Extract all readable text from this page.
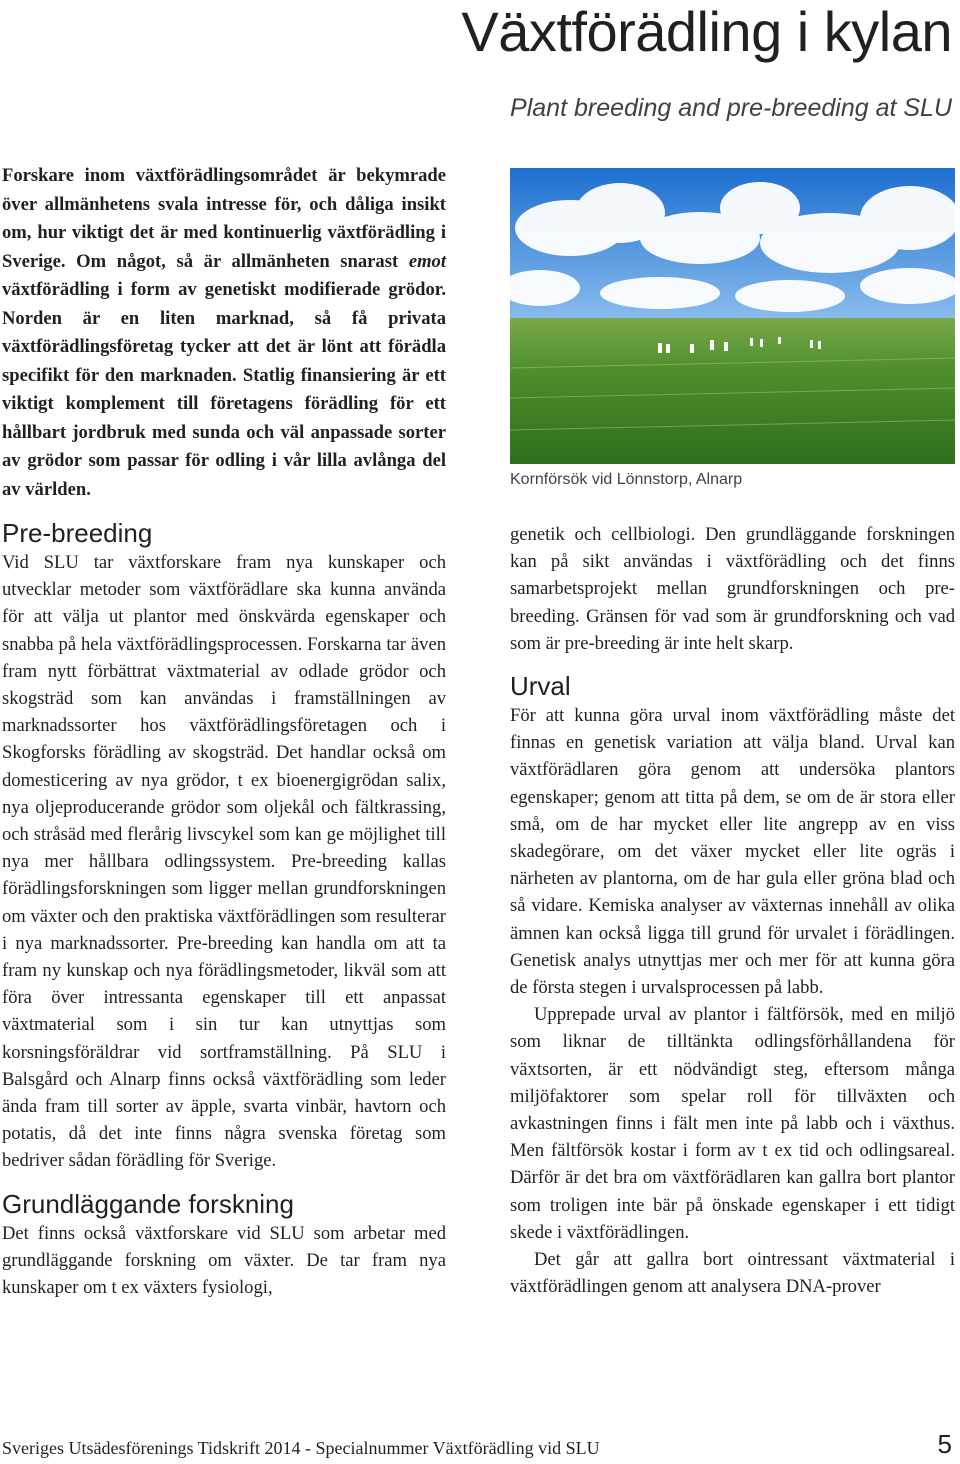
Växtförädling i kylan
Plant breeding and pre-breeding at SLU

Forskare inom växtförädlingsområdet är bekymrade över allmänhetens svala intresse för, och dåliga insikt om, hur viktigt det är med kontinuerlig växtförädling i Sverige. Om något, så är allmänheten snarast emot växtförädling i form av genetiskt modifierade grödor. Norden är en liten marknad, så få privata växtförädlingsföretag tycker att det är lönt att förädla specifikt för den marknaden. Statlig finansiering är ett viktigt komplement till företagens förädling för ett hållbart jordbruk med sunda och väl anpassade sorter av grödor som passar för odling i vår lilla avlånga del av världen.

Pre-breeding

Vid SLU tar växtforskare fram nya kunskaper och utvecklar metoder som växtförädlare ska kunna använda för att välja ut plantor med önskvärda egenskaper och snabba på hela växtförädlingsprocessen. Forskarna tar även fram nytt förbättrat växtmaterial av odlade grödor och skogsträd som kan användas i framställningen av marknadssorter hos växtförädlingsföretagen och i Skogforsks förädling av skogsträd. Det handlar också om domesticering av nya grödor, t ex bioenergigrödan salix, nya oljeproducerande grödor som oljekål och fältkrassing, och stråsäd med flerårig livscykel som kan ge möjlighet till nya mer hållbara odlingssystem. Pre-breeding kallas förädlingsforskningen som ligger mellan grundforskningen om växter och den praktiska växtförädlingen som resulterar i nya marknadssorter. Pre-breeding kan handla om att ta fram ny kunskap och nya förädlingsmetoder, likväl som att föra över intressanta egenskaper till ett anpassat växtmaterial som i sin tur kan utnyttjas som korsningsföräldrar vid sortframställning. På SLU i Balsgård och Alnarp finns också växtförädling som leder ända fram till sorter av äpple, svarta vinbär, havtorn och potatis, då det inte finns några svenska företag som bedriver sådan förädling för Sverige.

Grundläggande forskning

Det finns också växtforskare vid SLU som arbetar med grundläggande forskning om växter. De tar fram nya kunskaper om t ex växters fysiologi,

Kornförsök vid Lönnstorp, Alnarp

genetik och cellbiologi. Den grundläggande forskningen kan på sikt användas i växtförädling och det finns samarbetsprojekt mellan grundforskningen och pre-breeding. Gränsen för vad som är grundforskning och vad som är pre-breeding är inte helt skarp.

Urval

För att kunna göra urval inom växtförädling måste det finnas en genetisk variation att välja bland. Urval kan växtförädlaren göra genom att undersöka plantors egenskaper; genom att titta på dem, se om de är stora eller små, om de har mycket eller lite angrepp av en viss skadegörare, om det växer mycket eller lite ogräs i närheten av plantorna, om de har gula eller gröna blad och så vidare. Kemiska analyser av växternas innehåll av olika ämnen kan också ligga till grund för urvalet i förädlingen. Genetisk analys utnyttjas mer och mer för att kunna göra de första stegen i urvalsprocessen på labb.

Upprepade urval av plantor i fältförsök, med en miljö som liknar de tilltänkta odlingsförhållandena för växtsorten, är ett nödvändigt steg, eftersom många miljöfaktorer som spelar roll för tillväxten och avkastningen finns i fält men inte på labb och i växthus. Men fältförsök kostar i form av t ex tid och odlingsareal. Därför är det bra om växtförädlaren kan gallra bort plantor som troligen inte bär på önskade egenskaper i ett tidigt skede i växtförädlingen.

Det går att gallra bort ointressant växtmaterial i växtförädlingen genom att analysera DNA-prover

Sveriges Utsädesförenings Tidskrift 2014 - Specialnummer Växtförädling vid SLU	5
